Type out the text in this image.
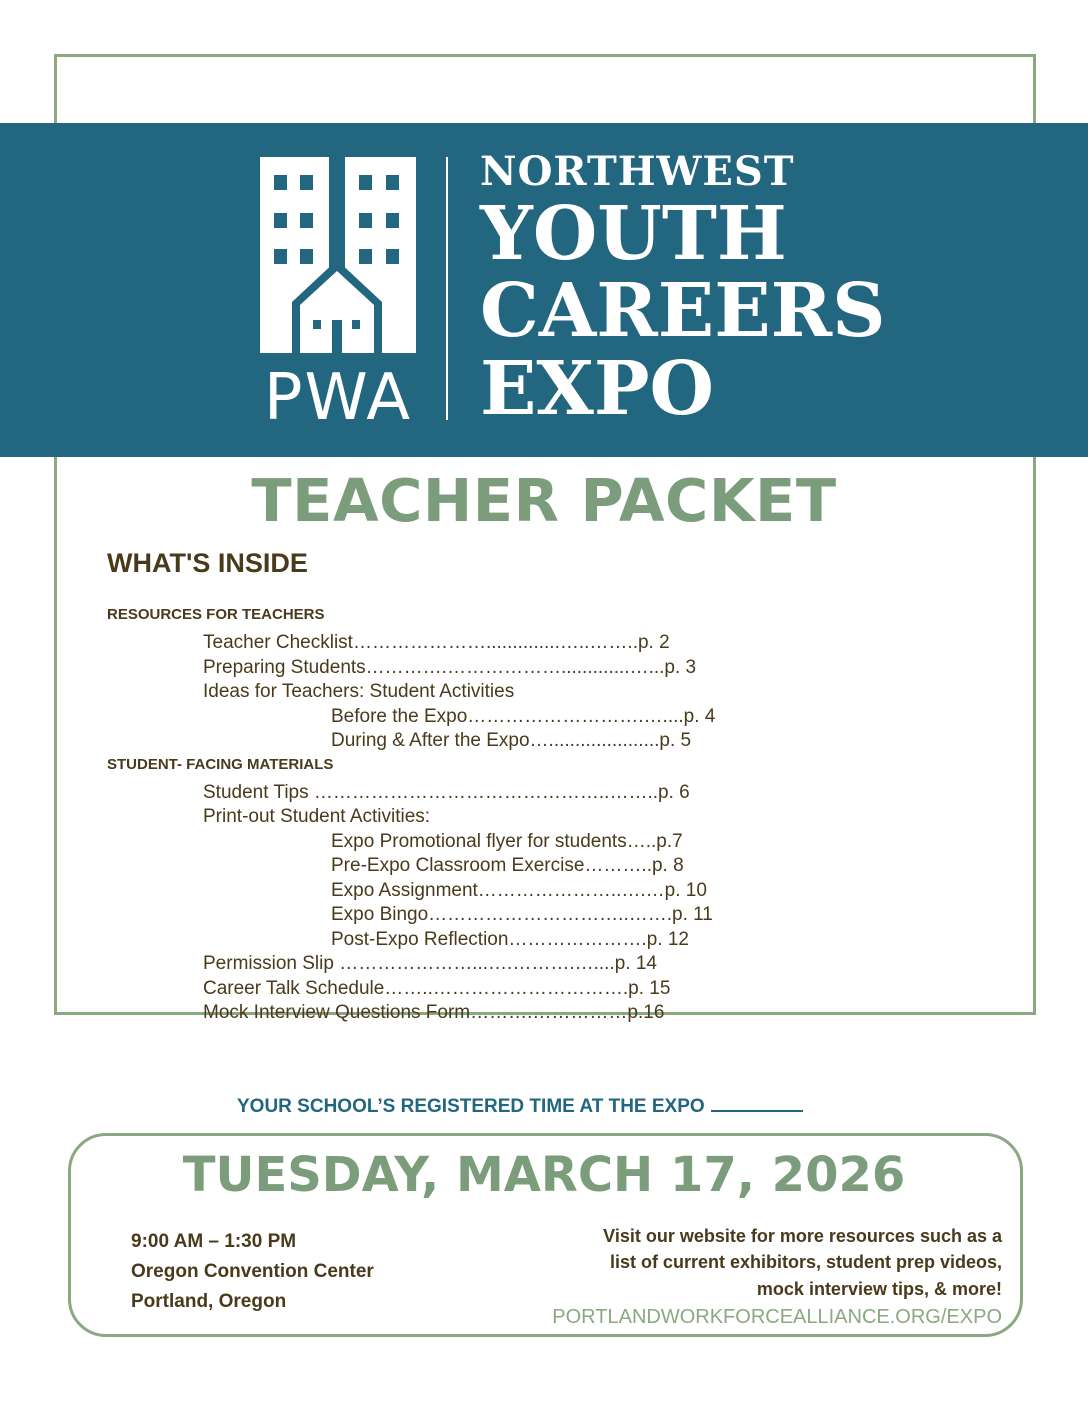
PWA
NORTHWEST
YOUTH
CAREERS
EXPO
TEACHER PACKET
WHAT'S INSIDE
RESOURCES FOR TEACHERS
Teacher Checklist…………………..............…..……..p. 2
Preparing Students………….……………….............…...p. 3
Ideas for Teachers: Student Activities
Before the Expo……………………….…....p. 4
During & After the Expo….....................p. 5
STUDENT- FACING MATERIALS
Student Tips ………………………………………..……..p. 6
Print-out Student Activities:
Expo Promotional flyer for students…..p.7
Pre-Expo Classroom Exercise………..p. 8
Expo Assignment…………………..….…p. 10
Expo Bingo…………………………..…….p. 11
Post-Expo Reflection………………….p. 12
Permission Slip …………………...….……….…....p. 14
Career Talk Schedule……..………………………….p. 15
Mock Interview Questions Form……….……………p.16
YOUR SCHOOL’S REGISTERED TIME AT THE EXPO
TUESDAY, MARCH 17, 2026
9:00 AM – 1:30 PM
Oregon Convention Center
Portland, Oregon
Visit our website for more resources such as a
list of current exhibitors, student prep videos,
mock interview tips, & more!
PORTLANDWORKFORCEALLIANCE.ORG/EXPO
